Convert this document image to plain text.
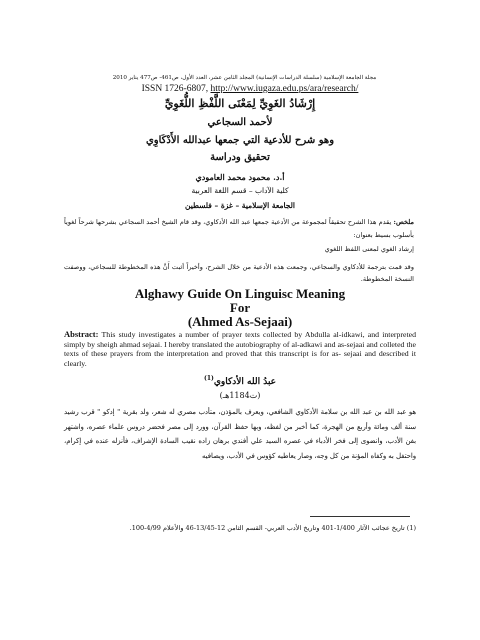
مجلة الجامعة الإسلامية (سلسلة الدراسات الإنسانية) المجلد الثامن عشر، العدد الأول، ص461- ص477 يناير 2010
ISSN 1726-6807, http://www.iugaza.edu.ps/ara/research/
إِرْشَادُ الغَوِيِّ لِمَعْنَى اللَّفْظِ اللُّغَوِيِّ
لأحمد السجاعي
وهو شرح للأدعية التي جمعها عبدالله الأَدْكَاوِي
تحقيق ودراسة
أ.د. محمود محمد العامودي
كلية الآداب – قسم اللغة العربية
الجامعة الإسلامية – غزة – فلسطين
ملخص: يقدم هذا الشرح تحقيقاً لمجموعة من الأدعية جمعها عبد الله الأدكاوي، وقد قام الشيخ أحمد السجاعي بشرحها شرحاً لغوياً بأسلوب بسيط بعنوان:
إرشاد الغوي لمعنى اللفظ اللغوي
وقد قمت بترجمة للأدكاوي والسجاعي، وجمعت هذه الأدعية من خلال الشرح، وأخيراً أثبت أَنَّ هذه المخطوطة للسجاعي، ووصفت النسخة المخطوطة.
Alghawy Guide On Linguisc Meaning
For
(Ahmed As-Sejaai)
Abstract: This study investigates a number of prayer texts collected by Abdulla al-idkawi, and interpreted simply by sheigh ahmad sejaai. I hereby translated the autobiography of al-adkawi and as-sejaai and colleted the texts of these prayers from the interpretation and proved that this transcript is for as- sejaai and described it clearly.
عبدُ الله الأدكاوي$^{(1)}$
(ت1184هـ)
هو عبد الله بن عبد الله بن سلامة الأدكاوي الشافعي، ويعرف بالمؤذن، متأدب مصري له شعر، ولد بقرية " إدكو " قرب رشيد سنة ألف ومائة وأربع من الهجرة، كما أخبر من لفظه، وبها حفظ القرآن، وورد إلى مصر فحضر دروس علماء عصره، واشتهر بفن الأدب، وانضوى إلى فخر الأدباء في عصره السيد علي أفندي برهان زاده نقيب السادة الإشراف، فأنزله عنده في إكرام، واحتفل به وكفاه المؤنة من كل وجه، وصار يعاطيه كؤوس في الأدب، ويصافيه
(1) تاريخ عجائب الآثار 1/400-401 وتاريخ الأدب العربي- القسم الثامن 12-13/45-46 والأعلام 4/99-100.
